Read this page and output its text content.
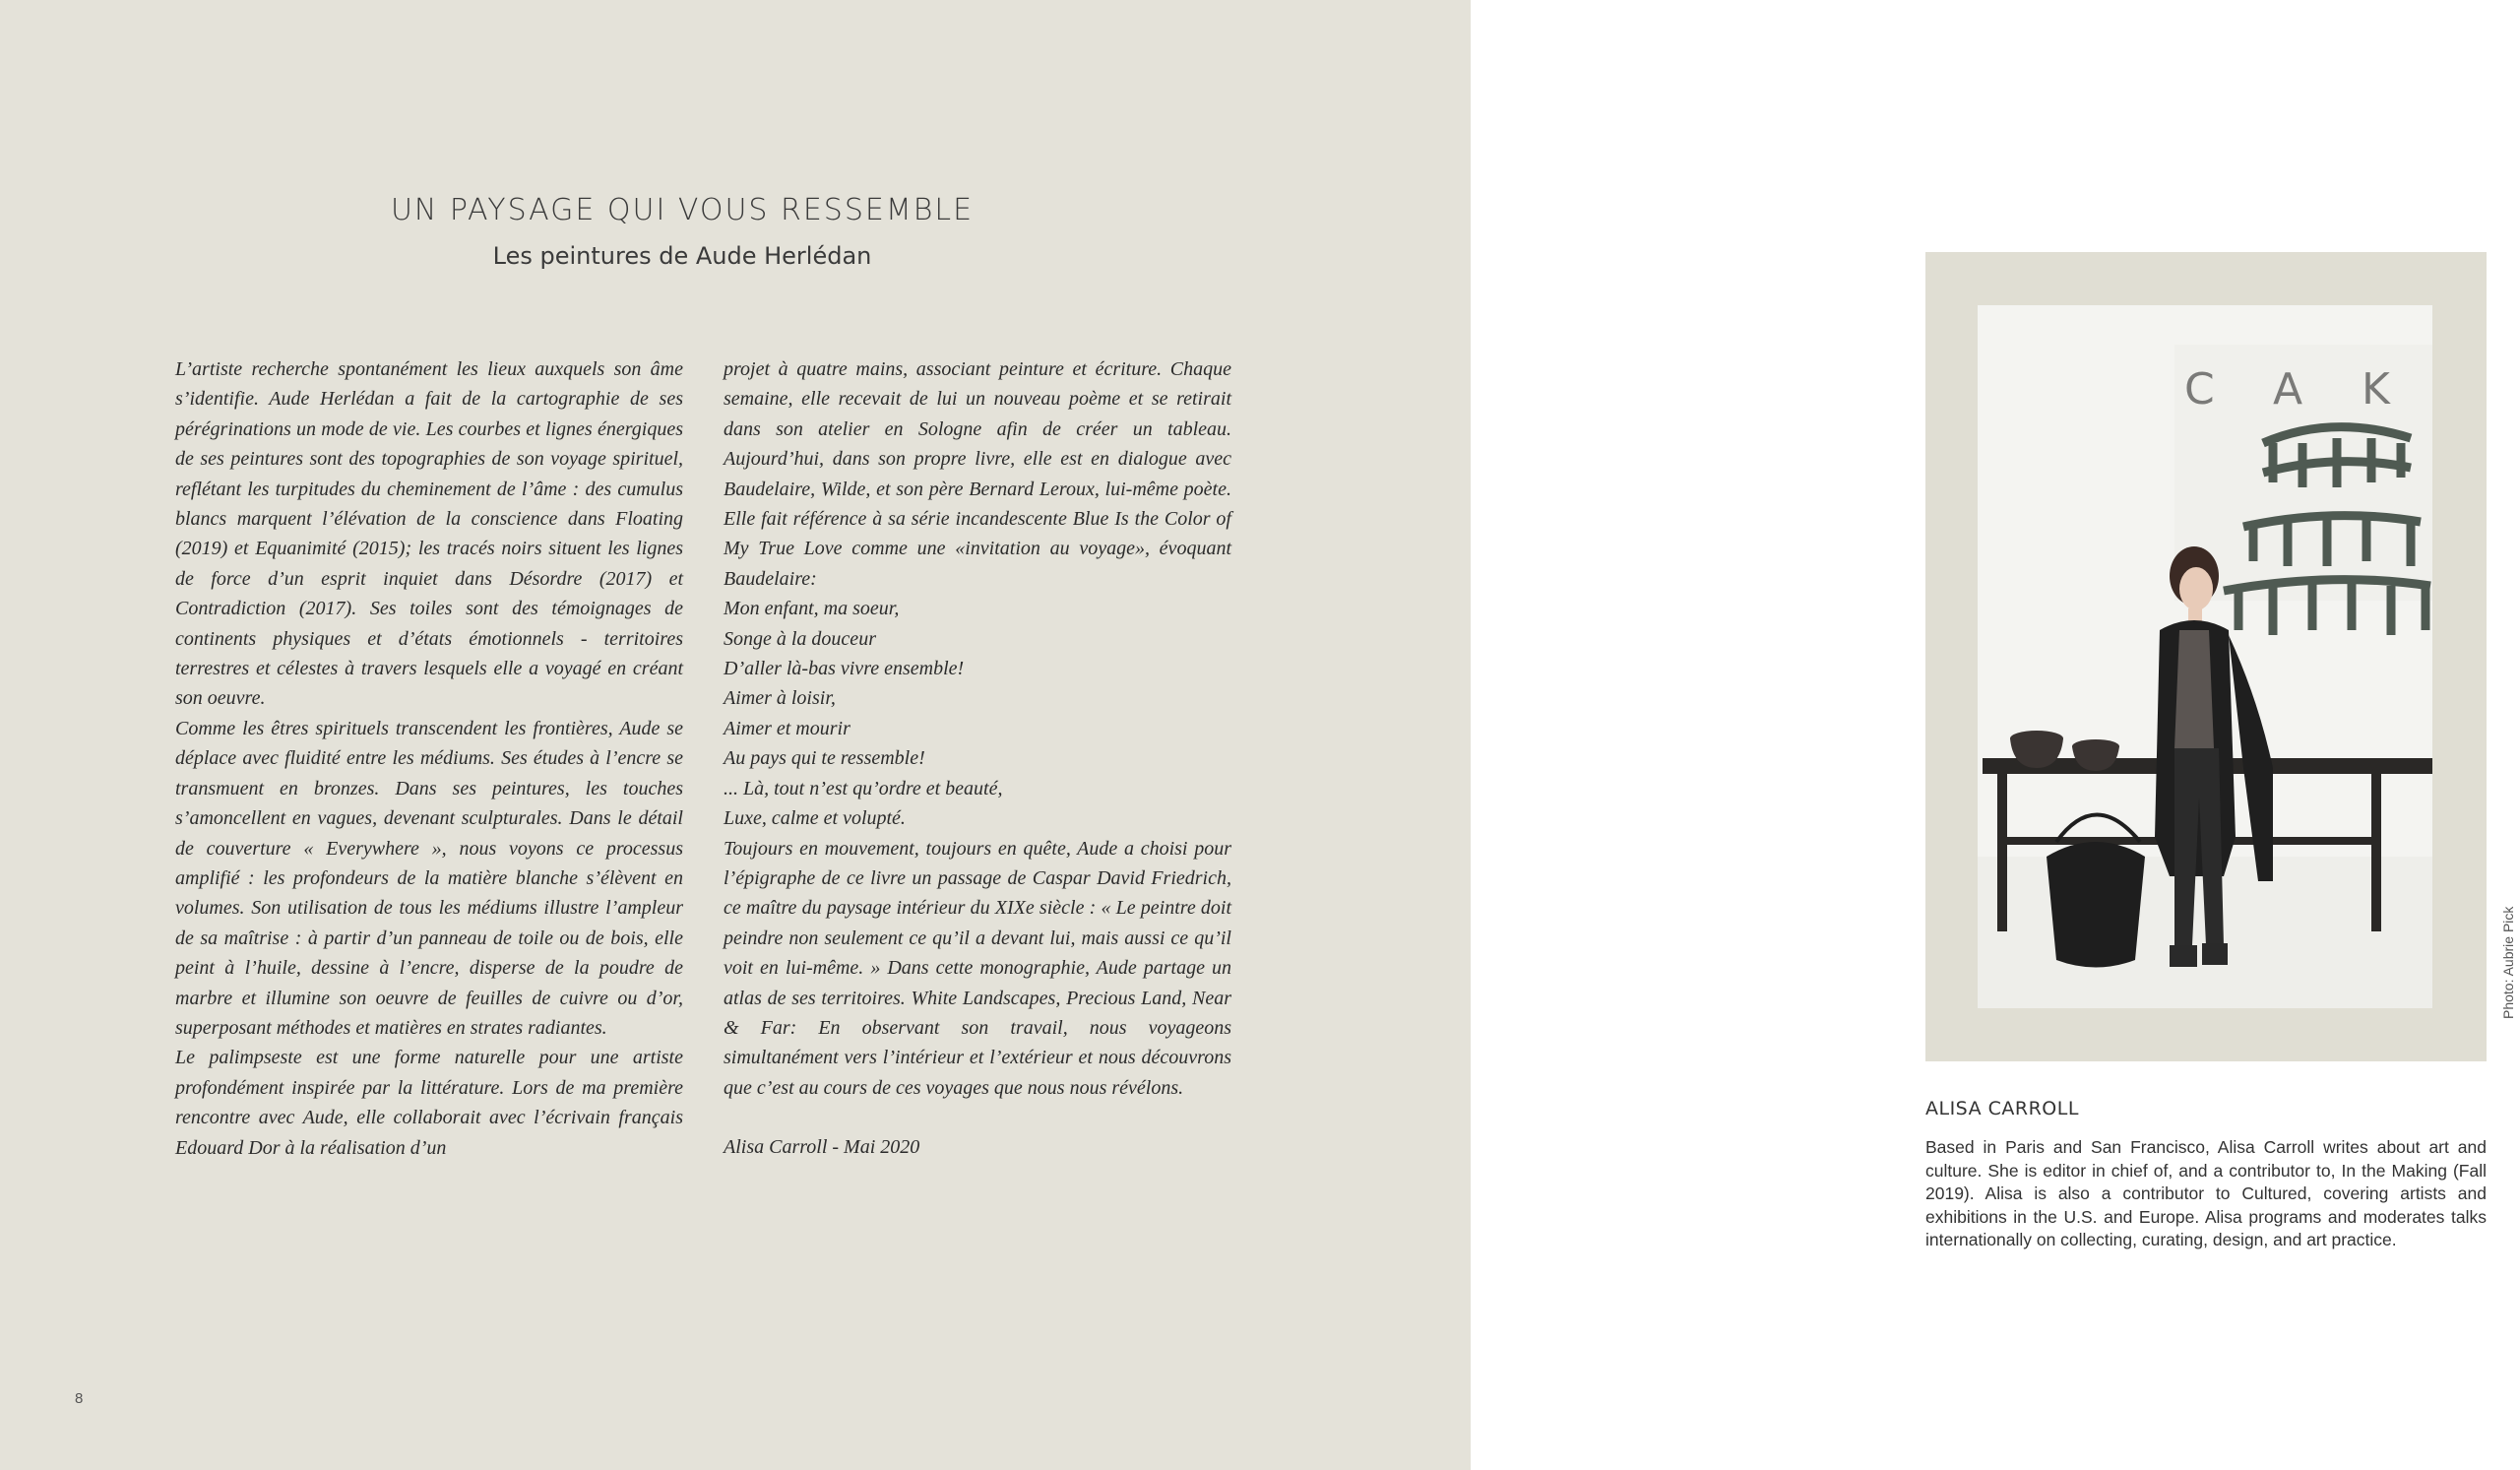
UN PAYSAGE QUI VOUS RESSEMBLE
Les peintures de Aude Herlédan

L’artiste recherche spontanément les lieux auxquels son âme s’identifie. Aude Herlédan a fait de la cartographie de ses pérégrinations un mode de vie. Les courbes et lignes énergiques de ses peintures sont des topographies de son voyage spirituel, reflétant les turpitudes du cheminement de l’âme : des cumulus blancs marquent l’élévation de la conscience dans Floating (2019) et Equanimité (2015); les tracés noirs situent les lignes de force d’un esprit inquiet dans Désordre (2017) et Contradiction (2017). Ses toiles sont des témoignages de continents physiques et d’états émotionnels - territoires terrestres et célestes à travers lesquels elle a voyagé en créant son oeuvre.

Comme les êtres spirituels transcendent les frontières, Aude se déplace avec fluidité entre les médiums. Ses études à l’encre se transmuent en bronzes. Dans ses peintures, les touches s’amoncellent en vagues, devenant sculpturales. Dans le détail de couverture « Everywhere », nous voyons ce processus amplifié : les profondeurs de la matière blanche s’élèvent en volumes. Son utilisation de tous les médiums illustre l’ampleur de sa maîtrise : à partir d’un panneau de toile ou de bois, elle peint à l’huile, dessine à l’encre, disperse de la poudre de marbre et illumine son oeuvre de feuilles de cuivre ou d’or, superposant méthodes et matières en strates radiantes.

Le palimpseste est une forme naturelle pour une artiste profondément inspirée par la littérature. Lors de ma première rencontre avec Aude, elle collaborait avec l’écrivain français Edouard Dor à la réalisation d’un

projet à quatre mains, associant peinture et écriture. Chaque semaine, elle recevait de lui un nouveau poème et se retirait dans son atelier en Sologne afin de créer un tableau. Aujourd’hui, dans son propre livre, elle est en dialogue avec Baudelaire, Wilde, et son père Bernard Leroux, lui-même poète. Elle fait référence à sa série incandescente Blue Is the Color of My True Love comme une «invitation au voyage», évoquant Baudelaire:

Mon enfant, ma soeur,
Songe à la douceur
D’aller là-bas vivre ensemble!
Aimer à loisir,
Aimer et mourir
Au pays qui te ressemble!
... Là, tout n’est qu’ordre et beauté,
Luxe, calme et volupté.

Toujours en mouvement, toujours en quête, Aude a choisi pour l’épigraphe de ce livre un passage de Caspar David Friedrich, ce maître du paysage intérieur du XIXe siècle : « Le peintre doit peindre non seulement ce qu’il a devant lui, mais aussi ce qu’il voit en lui-même. » Dans cette monographie, Aude partage un atlas de ses territoires. White Landscapes, Precious Land, Near & Far: En observant son travail, nous voyageons simultanément vers l’intérieur et l’extérieur et nous découvrons que c’est au cours de ces voyages que nous nous révélons.

Alisa Carroll - Mai 2020

8
C A K
Photo: Aubrie Pick
ALISA CARROLL

Based in Paris and San Francisco, Alisa Carroll writes about art and culture. She is editor in chief of, and a contributor to, In the Making (Fall 2019). Alisa is also a contributor to Cultured, covering artists and exhibitions in the U.S. and Europe. Alisa programs and moderates talks internationally on collecting, curating, design, and art practice.
